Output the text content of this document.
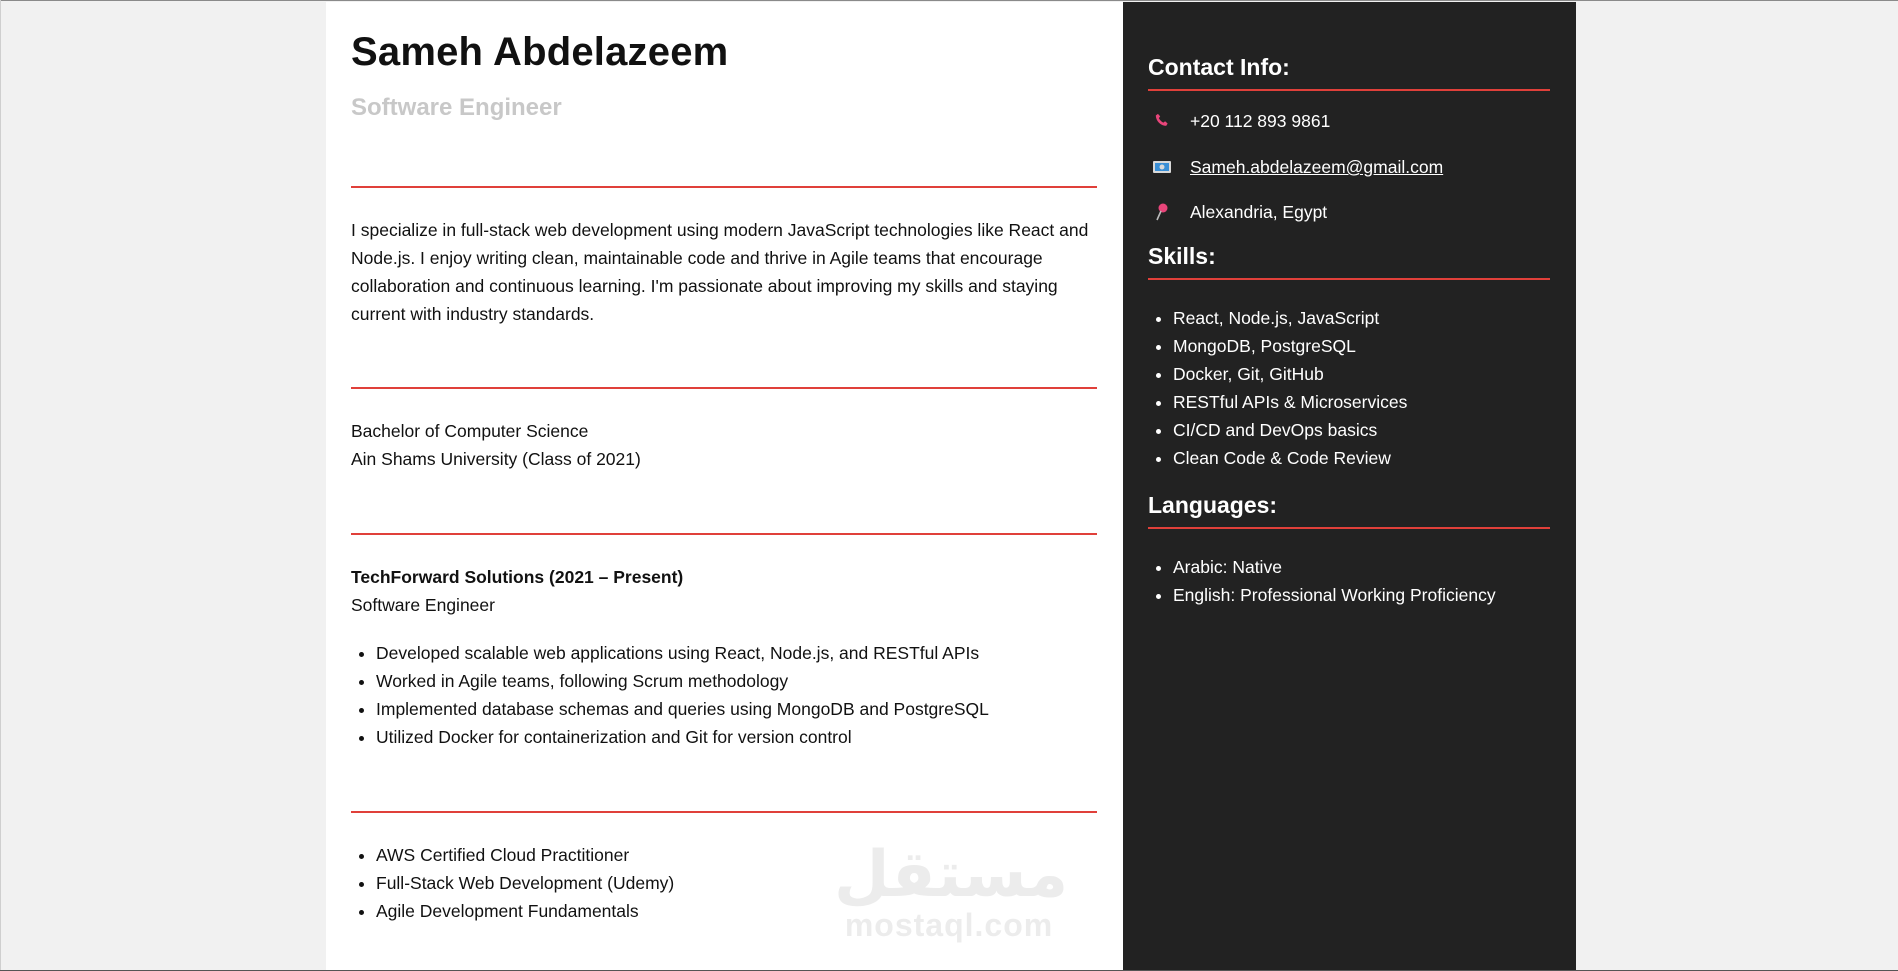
Sameh Abdelazeem
Software Engineer

I specialize in full-stack web development using modern JavaScript technologies like React and Node.js. I enjoy writing clean, maintainable code and thrive in Agile teams that encourage collaboration and continuous learning. I'm passionate about improving my skills and staying current with industry standards.

Bachelor of Computer Science
Ain Shams University (Class of 2021)
TechForward Solutions (2021 – Present)
Software Engineer
• Developed scalable web applications using React, Node.js, and RESTful APIs
• Worked in Agile teams, following Scrum methodology
• Implemented database schemas and queries using MongoDB and PostgreSQL
• Utilized Docker for containerization and Git for version control
• AWS Certified Cloud Practitioner
• Full-Stack Web Development (Udemy)
• Agile Development Fundamentals	مستقل
mostaql.com
Contact Info:
+20 112 893 9861
Sameh.abdelazeem@gmail.com
Alexandria, Egypt
Skills:
• React, Node.js, JavaScript
• MongoDB, PostgreSQL
• Docker, Git, GitHub
• RESTful APIs & Microservices
• CI/CD and DevOps basics
• Clean Code & Code Review
Languages:
• Arabic: Native
• English: Professional Working Proficiency
